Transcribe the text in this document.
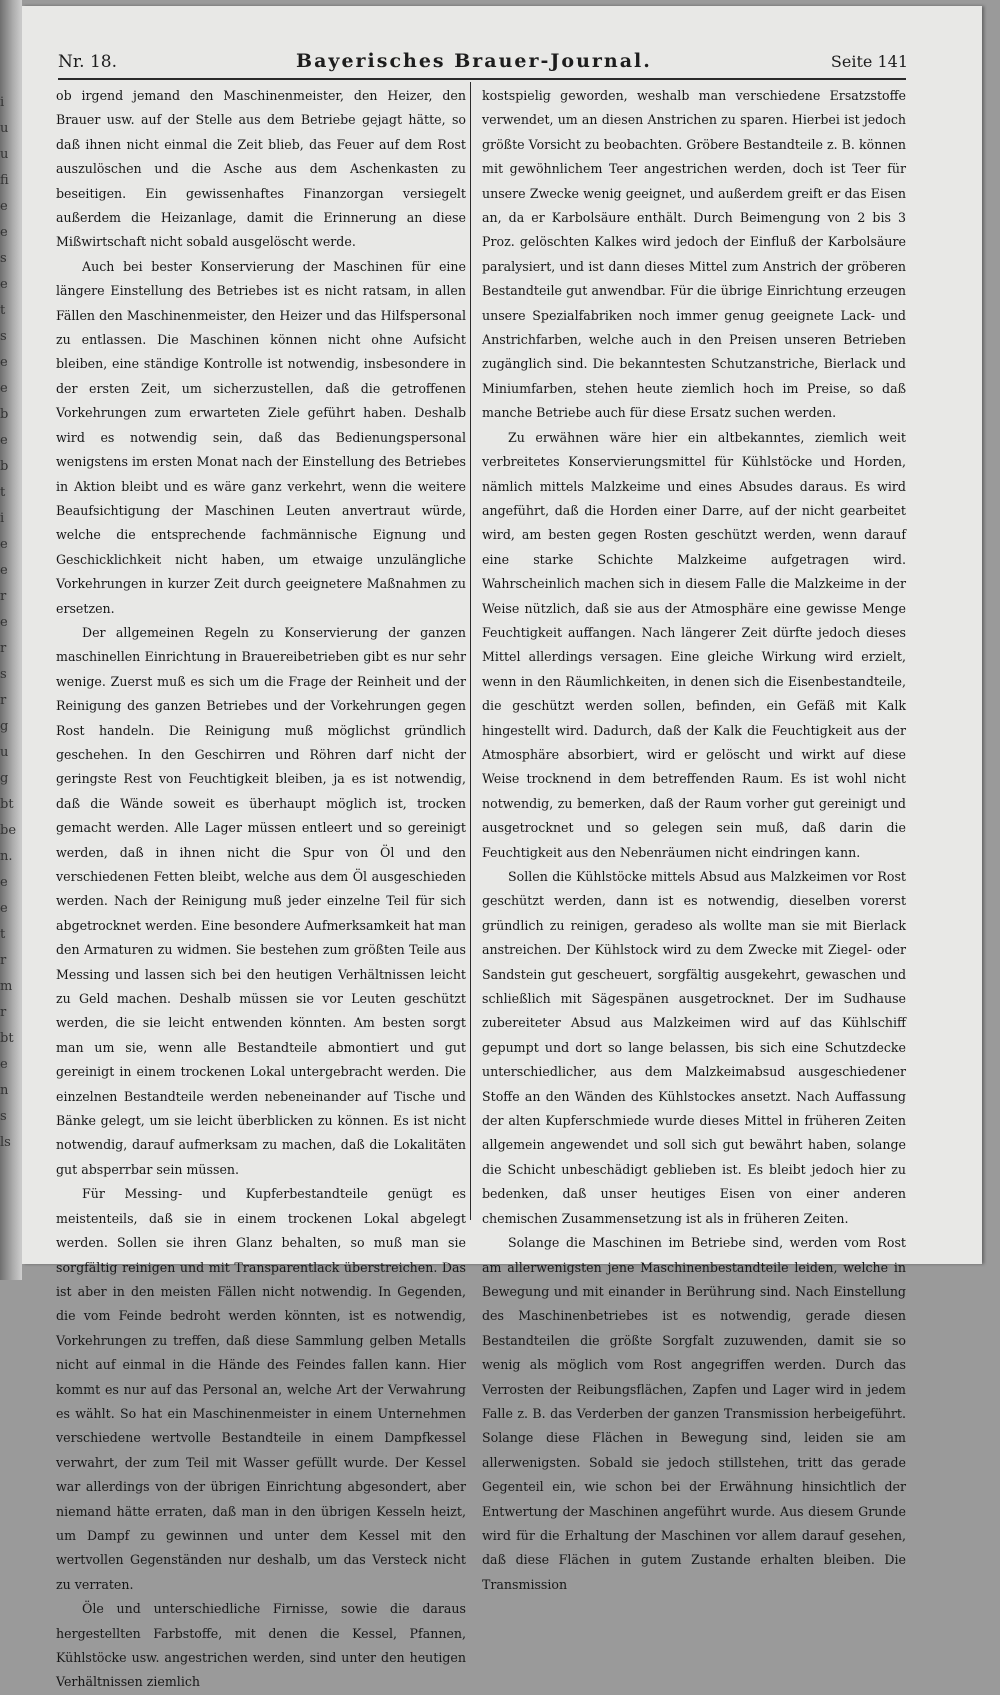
i
u
u
fi
e
e
s
e
t
s
e
e
b
e
b
t
i
e
e
r
e
r
s
r
g
u
g
bt
be
n.
e
e
t
r
m
r
bt
e
n
s
ls
Nr. 18.	Bayerisches Brauer-Journal.	Seite 141

ob irgend jemand den Maschinenmeister, den Heizer, den Brauer usw. auf der Stelle aus dem Betriebe gejagt hätte, so daß ihnen nicht einmal die Zeit blieb, das Feuer auf dem Rost auszulöschen und die Asche aus dem Aschenkasten zu beseitigen. Ein gewissenhaftes Finanzorgan versiegelt außerdem die Heizanlage, damit die Erinnerung an diese Mißwirtschaft nicht sobald ausgelöscht werde.

Auch bei bester Konservierung der Maschinen für eine längere Einstellung des Betriebes ist es nicht ratsam, in allen Fällen den Maschinenmeister, den Heizer und das Hilfspersonal zu entlassen. Die Maschinen können nicht ohne Aufsicht bleiben, eine ständige Kontrolle ist notwendig, insbesondere in der ersten Zeit, um sicherzustellen, daß die getroffenen Vorkehrungen zum erwarteten Ziele geführt haben. Deshalb wird es notwendig sein, daß das Bedienungspersonal wenigstens im ersten Monat nach der Einstellung des Betriebes in Aktion bleibt und es wäre ganz verkehrt, wenn die weitere Beaufsichtigung der Maschinen Leuten anvertraut würde, welche die entsprechende fachmännische Eignung und Geschicklichkeit nicht haben, um etwaige unzulängliche Vorkehrungen in kurzer Zeit durch geeignetere Maßnahmen zu ersetzen.

Der allgemeinen Regeln zu Konservierung der ganzen maschinellen Einrichtung in Brauereibetrieben gibt es nur sehr wenige. Zuerst muß es sich um die Frage der Reinheit und der Reinigung des ganzen Betriebes und der Vorkehrungen gegen Rost handeln. Die Reinigung muß möglichst gründlich geschehen. In den Geschirren und Röhren darf nicht der geringste Rest von Feuchtigkeit bleiben, ja es ist notwendig, daß die Wände soweit es überhaupt möglich ist, trocken gemacht werden. Alle Lager müssen entleert und so gereinigt werden, daß in ihnen nicht die Spur von Öl und den verschiedenen Fetten bleibt, welche aus dem Öl ausgeschieden werden. Nach der Reinigung muß jeder einzelne Teil für sich abgetrocknet werden. Eine besondere Aufmerksamkeit hat man den Armaturen zu widmen. Sie bestehen zum größten Teile aus Messing und lassen sich bei den heutigen Verhältnissen leicht zu Geld machen. Deshalb müssen sie vor Leuten geschützt werden, die sie leicht entwenden könnten. Am besten sorgt man um sie, wenn alle Bestandteile abmontiert und gut gereinigt in einem trockenen Lokal untergebracht werden. Die einzelnen Bestandteile werden nebeneinander auf Tische und Bänke gelegt, um sie leicht überblicken zu können. Es ist nicht notwendig, darauf aufmerksam zu machen, daß die Lokalitäten gut absperrbar sein müssen.

Für Messing- und Kupferbestandteile genügt es meistenteils, daß sie in einem trockenen Lokal abgelegt werden. Sollen sie ihren Glanz behalten, so muß man sie sorgfältig reinigen und mit Transparentlack überstreichen. Das ist aber in den meisten Fällen nicht notwendig. In Gegenden, die vom Feinde bedroht werden könnten, ist es notwendig, Vorkehrungen zu treffen, daß diese Sammlung gelben Metalls nicht auf einmal in die Hände des Feindes fallen kann. Hier kommt es nur auf das Personal an, welche Art der Verwahrung es wählt. So hat ein Maschinenmeister in einem Unternehmen verschiedene wertvolle Bestandteile in einem Dampfkessel verwahrt, der zum Teil mit Wasser gefüllt wurde. Der Kessel war allerdings von der übrigen Einrichtung abgesondert, aber niemand hätte erraten, daß man in den übrigen Kesseln heizt, um Dampf zu gewinnen und unter dem Kessel mit den wertvollen Gegenständen nur deshalb, um das Versteck nicht zu verraten.

Öle und unterschiedliche Firnisse, sowie die daraus hergestellten Farbstoffe, mit denen die Kessel, Pfannen, Kühlstöcke usw. angestrichen werden, sind unter den heutigen Verhältnissen ziemlich

kostspielig geworden, weshalb man verschiedene Ersatzstoffe verwendet, um an diesen Anstrichen zu sparen. Hierbei ist jedoch größte Vorsicht zu beobachten. Gröbere Bestandteile z. B. können mit gewöhnlichem Teer angestrichen werden, doch ist Teer für unsere Zwecke wenig geeignet, und außerdem greift er das Eisen an, da er Karbolsäure enthält. Durch Beimengung von 2 bis 3 Proz. gelöschten Kalkes wird jedoch der Einfluß der Karbolsäure paralysiert, und ist dann dieses Mittel zum Anstrich der gröberen Bestandteile gut anwendbar. Für die übrige Einrichtung erzeugen unsere Spezialfabriken noch immer genug geeignete Lack- und Anstrichfarben, welche auch in den Preisen unseren Betrieben zugänglich sind. Die bekanntesten Schutzanstriche, Bierlack und Miniumfarben, stehen heute ziemlich hoch im Preise, so daß manche Betriebe auch für diese Ersatz suchen werden.

Zu erwähnen wäre hier ein altbekanntes, ziemlich weit verbreitetes Konservierungsmittel für Kühlstöcke und Horden, nämlich mittels Malzkeime und eines Absudes daraus. Es wird angeführt, daß die Horden einer Darre, auf der nicht gearbeitet wird, am besten gegen Rosten geschützt werden, wenn darauf eine starke Schichte Malzkeime aufgetragen wird. Wahrscheinlich machen sich in diesem Falle die Malzkeime in der Weise nützlich, daß sie aus der Atmosphäre eine gewisse Menge Feuchtigkeit auffangen. Nach längerer Zeit dürfte jedoch dieses Mittel allerdings versagen. Eine gleiche Wirkung wird erzielt, wenn in den Räumlichkeiten, in denen sich die Eisenbestandteile, die geschützt werden sollen, befinden, ein Gefäß mit Kalk hingestellt wird. Dadurch, daß der Kalk die Feuchtigkeit aus der Atmosphäre absorbiert, wird er gelöscht und wirkt auf diese Weise trocknend in dem betreffenden Raum. Es ist wohl nicht notwendig, zu bemerken, daß der Raum vorher gut gereinigt und ausgetrocknet und so gelegen sein muß, daß darin die Feuchtigkeit aus den Nebenräumen nicht eindringen kann.

Sollen die Kühlstöcke mittels Absud aus Malzkeimen vor Rost geschützt werden, dann ist es notwendig, dieselben vorerst gründlich zu reinigen, geradeso als wollte man sie mit Bierlack anstreichen. Der Kühlstock wird zu dem Zwecke mit Ziegel- oder Sandstein gut gescheuert, sorgfältig ausgekehrt, gewaschen und schließlich mit Sägespänen ausgetrocknet. Der im Sudhause zubereiteter Absud aus Malzkeimen wird auf das Kühlschiff gepumpt und dort so lange belassen, bis sich eine Schutzdecke unterschiedlicher, aus dem Malzkeimabsud ausgeschiedener Stoffe an den Wänden des Kühlstockes ansetzt. Nach Auffassung der alten Kupferschmiede wurde dieses Mittel in früheren Zeiten allgemein angewendet und soll sich gut bewährt haben, solange die Schicht unbeschädigt geblieben ist. Es bleibt jedoch hier zu bedenken, daß unser heutiges Eisen von einer anderen chemischen Zusammensetzung ist als in früheren Zeiten.

Solange die Maschinen im Betriebe sind, werden vom Rost am allerwenigsten jene Maschinenbestandteile leiden, welche in Bewegung und mit einander in Berührung sind. Nach Einstellung des Maschinenbetriebes ist es notwendig, gerade diesen Bestandteilen die größte Sorgfalt zuzuwenden, damit sie so wenig als möglich vom Rost angegriffen werden. Durch das Verrosten der Reibungsflächen, Zapfen und Lager wird in jedem Falle z. B. das Verderben der ganzen Transmission herbeigeführt. Solange diese Flächen in Bewegung sind, leiden sie am allerwenigsten. Sobald sie jedoch stillstehen, tritt das gerade Gegenteil ein, wie schon bei der Erwähnung hinsichtlich der Entwertung der Maschinen angeführt wurde. Aus diesem Grunde wird für die Erhaltung der Maschinen vor allem darauf gesehen, daß diese Flächen in gutem Zustande erhalten bleiben. Die Transmission
